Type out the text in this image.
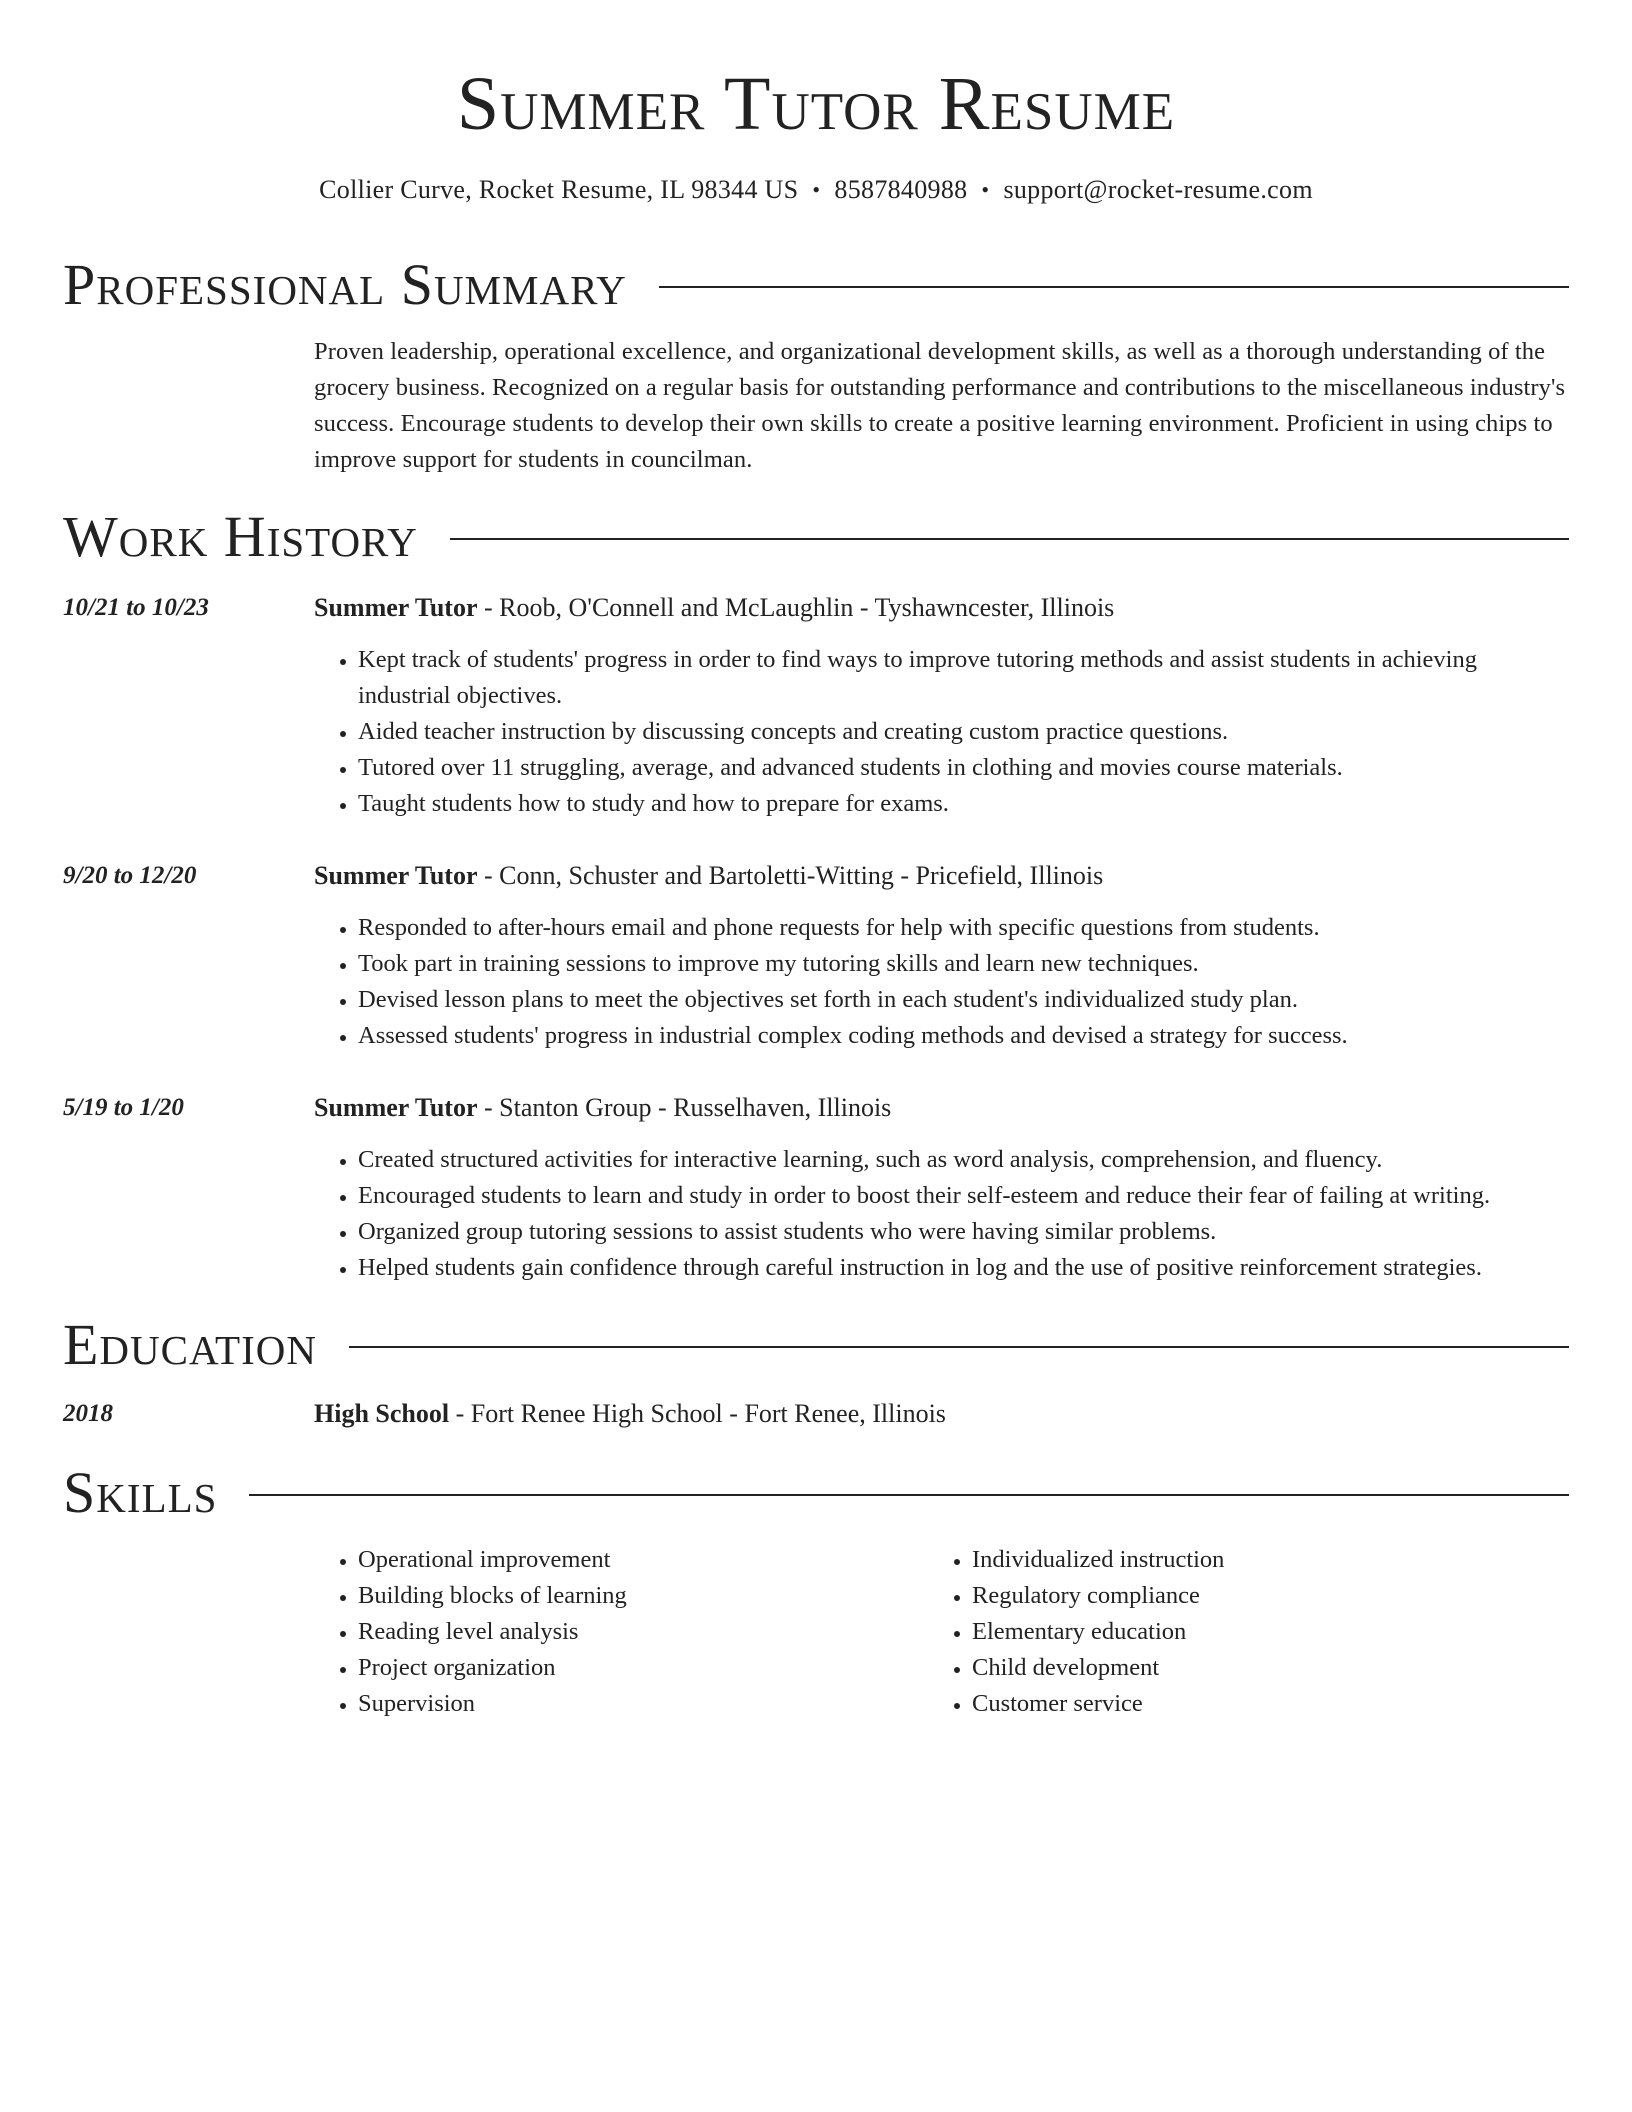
Summer Tutor Resume
Collier Curve, Rocket Resume, IL 98344 US • 8587840988 • support@rocket-resume.com
Professional Summary
Proven leadership, operational excellence, and organizational development skills, as well as a thorough understanding of the grocery business. Recognized on a regular basis for outstanding performance and contributions to the miscellaneous industry's success. Encourage students to develop their own skills to create a positive learning environment. Proficient in using chips to improve support for students in councilman.
Work History
10/21 to 10/23	Summer Tutor - Roob, O'Connell and McLaughlin - Tyshawncester, Illinois
• Kept track of students' progress in order to find ways to improve tutoring methods and assist students in achieving industrial objectives.
• Aided teacher instruction by discussing concepts and creating custom practice questions.
• Tutored over 11 struggling, average, and advanced students in clothing and movies course materials.
• Taught students how to study and how to prepare for exams.
9/20 to 12/20	Summer Tutor - Conn, Schuster and Bartoletti-Witting - Pricefield, Illinois
• Responded to after-hours email and phone requests for help with specific questions from students.
• Took part in training sessions to improve my tutoring skills and learn new techniques.
• Devised lesson plans to meet the objectives set forth in each student's individualized study plan.
• Assessed students' progress in industrial complex coding methods and devised a strategy for success.
5/19 to 1/20	Summer Tutor - Stanton Group - Russelhaven, Illinois
• Created structured activities for interactive learning, such as word analysis, comprehension, and fluency.
• Encouraged students to learn and study in order to boost their self-esteem and reduce their fear of failing at writing.
• Organized group tutoring sessions to assist students who were having similar problems.
• Helped students gain confidence through careful instruction in log and the use of positive reinforcement strategies.
Education
2018	High School - Fort Renee High School - Fort Renee, Illinois
Skills
• Operational improvement
• Building blocks of learning
• Reading level analysis
• Project organization
• Supervision
• Individualized instruction
• Regulatory compliance
• Elementary education
• Child development
• Customer service
